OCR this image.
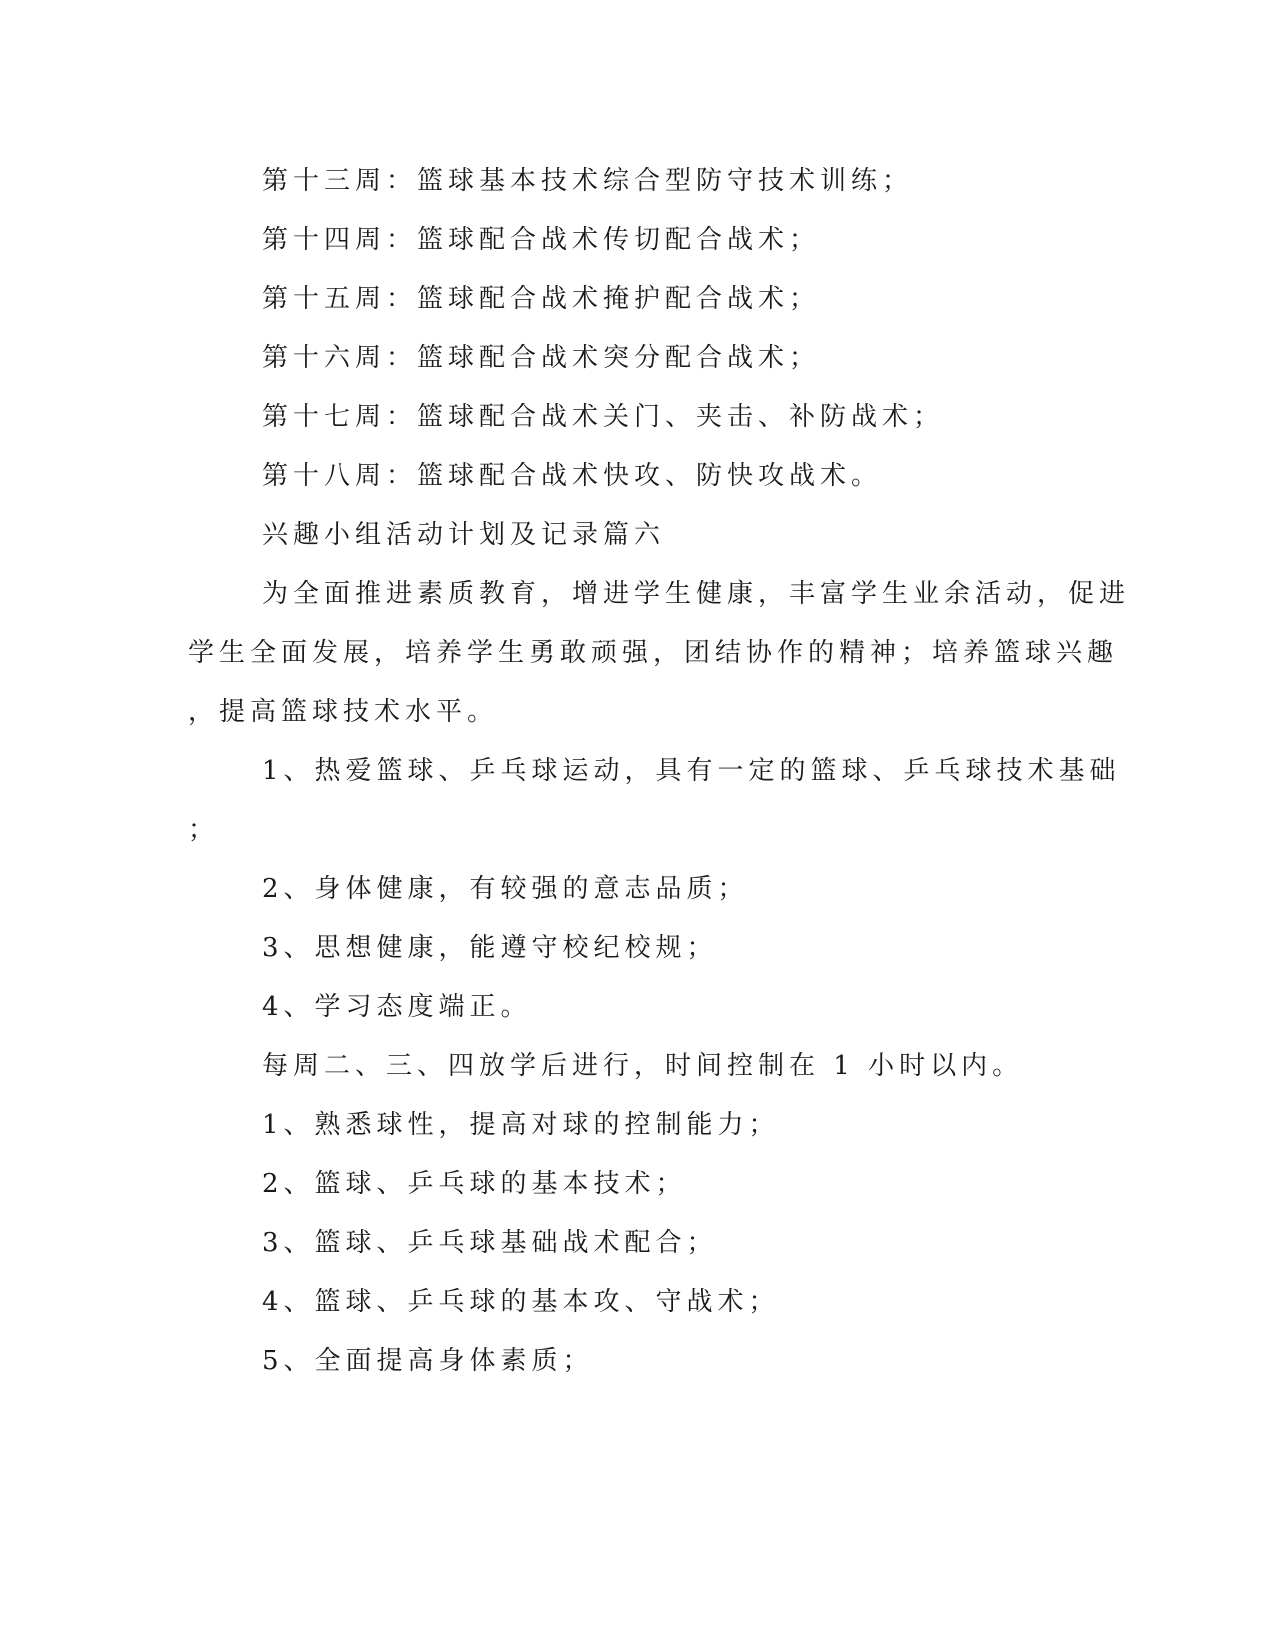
第十三周：篮球基本技术综合型防守技术训练；
第十四周：篮球配合战术传切配合战术；
第十五周：篮球配合战术掩护配合战术；
第十六周：篮球配合战术突分配合战术；
第十七周：篮球配合战术关门、夹击、补防战术；
第十八周：篮球配合战术快攻、防快攻战术。
兴趣小组活动计划及记录篇六
为全面推进素质教育，增进学生健康，丰富学生业余活动，促进
学生全面发展，培养学生勇敢顽强，团结协作的精神；培养篮球兴趣
，提高篮球技术水平。
1、热爱篮球、乒乓球运动，具有一定的篮球、乒乓球技术基础
；
2、身体健康，有较强的意志品质；
3、思想健康，能遵守校纪校规；
4、学习态度端正。
每周二、三、四放学后进行，时间控制在 1 小时以内。
1、熟悉球性，提高对球的控制能力；
2、篮球、乒乓球的基本技术；
3、篮球、乒乓球基础战术配合；
4、篮球、乒乓球的基本攻、守战术；
5、全面提高身体素质；
